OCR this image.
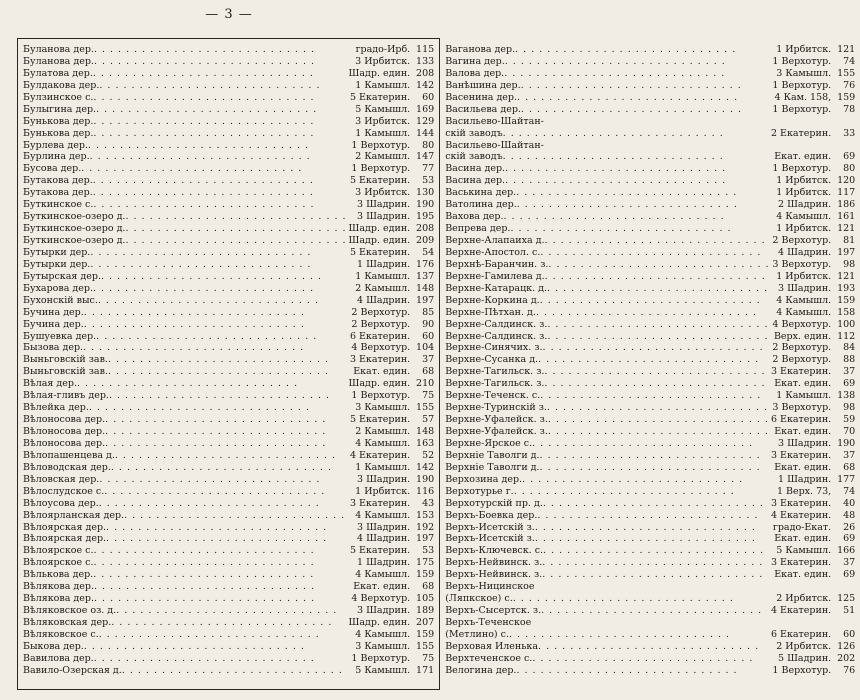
— 3 —
Буланова дер. . . .	градо-Ирб. 115
Буланова дер. . . .	3 Ирбитск. 133
Булатова дер. . . .	Шадр. един. 208
Булдакова дер. . . .	1 Камышл. 142
Булзинское с. . . .	5 Екатерин.	60
Булыгина дер. . . .	5 Камышл. 169
Бунькова дер. . . .	3 Ирбитск. 129
Бунькова дер. . . .	1 Камышл. 144
Бурлева дер. . . .	1 Верхотур.	80
Бурлина дер. . . .	2 Камышл. 147
Бусова дер. . . .	1 Верхотур.	77
Бутакова дер. . . .	5 Екатерин.	53
Бутакова дер. . . .	3 Ирбитск. 130
Буткинское с. . . .	3 Шадрин. 190
Буткинское-озеро д. . . .	3 Шадрин. 195
Буткинское-озеро д. . . .	Шадр. един. 208
Буткинское-озеро д. . . .	Шадр. един. 209
Бутырки дер. . . .	5 Екатерин.	54
Бутырки дер. . . .	1 Шадрин. 176
Бутырская дер. . . .	1 Камышл. 137
Бухарова дер. . . .	2 Камышл. 148
Бухонскій выс. . . .	4 Шадрин. 197
Бучина дер. . . .	2 Верхотур.	85
Бучина дер. . . .	2 Верхотур.	90
Бушуевка дер. . . .	6 Екатерин.	60
Бызова дер. . . .	4 Верхотур. 104
Выньговскій зав. . . .	3 Екатерин.	37
Выньговскій зав. . . .	Екат. един.	68
Вѣлая дер. . . .	Шадр. един. 210
Вѣлая-гливъ дер. . . .	1 Верхотур.	75
Вѣлейка дер. . . .	3 Камышл. 155
Вѣлоносова дер. . . .	5 Екатерин.	57
Вѣлоносова дер. . . .	2 Камышл. 148
Вѣлоносова дер. . . .	4 Камышл. 163
Вѣлопашенцева д. . . .	4 Екатерин.	52
Вѣловодская дер. . . .	1 Камышл. 142
Вѣловская дер. . . .	3 Шадрин. 190
Вѣлослудское с. . . .	1 Ирбитск. 116
Вѣлоусова дер. . . .	3 Екатерин.	43
Вѣлоярланская дер. . . .	4 Камышл. 153
Вѣлоярская дер. . . .	3 Шадрин. 192
Вѣлоярская дер. . . .	4 Шадрин. 197
Вѣлоярское с. . . .	5 Екатерин.	53
Вѣлоярское с. . . .	1 Шадрин. 175
Вѣлькова дер. . . .	4 Камышл. 159
Вѣлякова дер. . . .	Екат. един.	68
Вѣлякова дер. . . .	4 Верхотур. 105
Вѣляковское оз. д. . . .	3 Шадрин. 189
Вѣляковская дер. . . .	Шадр. един. 207
Вѣляковское с. . . .	4 Камышл. 159
Быкова дер. . . .	3 Камышл. 155
Вавилова дер. . . .	1 Верхотур.	75
Вавило-Озерская д. . . .	5 Камышл. 171
Ваганова дер. . . .	1 Ирбитск. 121
Вагина дер. . . .	1 Верхотур.	74
Валова дер. . . .	3 Камышл. 155
Ванѣшина дер. . . .	1 Верхотур.	76
Васенина дер. . . .	4 Кам. 158, 159
Васильева дер. . . .	1 Верхотур.	78
Васильево-Шайтан-
скій заводъ . . .	2 Екатерин.	33
Васильево-Шайтан-
скій заводъ . . .	Екат. един.	69
Васина дер. . . .	1 Верхотур.	80
Васина дер. . . .	1 Ирбитск. 120
Васькина дер. . . .	1 Ирбитск. 117
Ватолина дер. . . .	2 Шадрин. 186
Вахова дер. . . .	4 Камышл. 161
Вепрева дер. . . .	1 Ирбитск. 121
Верхне-Алапаиха д. . . .	2 Верхотур.	81
Верхне-Апостол. с. . . .	4 Шадрин. 197
Верхнѣ-Баранчин. з. . . .	3 Верхотур.	98
Верхне-Гамилева д. . . .	1 Ирбитск. 121
Верхне-Катарацк. д. . . .	3 Шадрин. 193
Верхне-Коркина д. . . .	4 Камышл. 159
Верхне-Пѣтхан. д. . . .	4 Камышл. 158
Верхне-Салдинск. з. . . .	4 Верхотур. 100
Верхне-Салдинск. з. . . .	Верх. един. 112
Верхне-Синячих. з. . . .	2 Верхотур.	84
Верхне-Сусанка д. . . .	2 Верхотур.	88
Верхне-Тагильск. з. . . .	3 Екатерин.	37
Верхне-Тагильск. з. . . .	Екат. един.	69
Верхне-Теченск. с. . . .	1 Камышл. 138
Верхне-Туринскій з. . . .	3 Верхотур.	98
Верхне-Уфалейск. з. . . .	6 Екатерин.	59
Верхне-Уфалейск. з. . . .	Екат. един.	70
Верхне-Ярское с. . . .	3 Шадрин. 190
Верхніе Таволги д. . . .	3 Екатерин.	37
Верхніе Таволги д. . . .	Екат. един.	68
Верхозина дер. . . .	1 Шадрин. 177
Верхотурье г. . . .	1 Верх. 73,	74
Верхотурскій пр. д. . . .	3 Екатерин.	40
Верхъ-Боевка дер. . . .	4 Екатерин.	48
Верхъ-Исетскій з. . . .	градо-Екат.	26
Верхъ-Исетскій з. . . .	Екат. един.	69
Верхъ-Ключевск. с. . . .	5 Камышл. 166
Верхъ-Нейвинск. з. . . .	3 Екатерин.	37
Верхъ-Нейвинск. з. . . .	Екат. един.	69
Верхъ-Ницинское
(Ляпкское) с. . . .	2 Ирбитск. 125
Верхъ-Сысертск. з. . . .	4 Екатерин.	51
Верхъ-Теченское
(Метлино) с. . . .	6 Екатерин.	60
Верховая Иленька . . .	2 Ирбитск. 126
Верхтеченское с. . . .	5 Шадрин. 202
Велогина дер. . . .	1 Верхотур.	76
